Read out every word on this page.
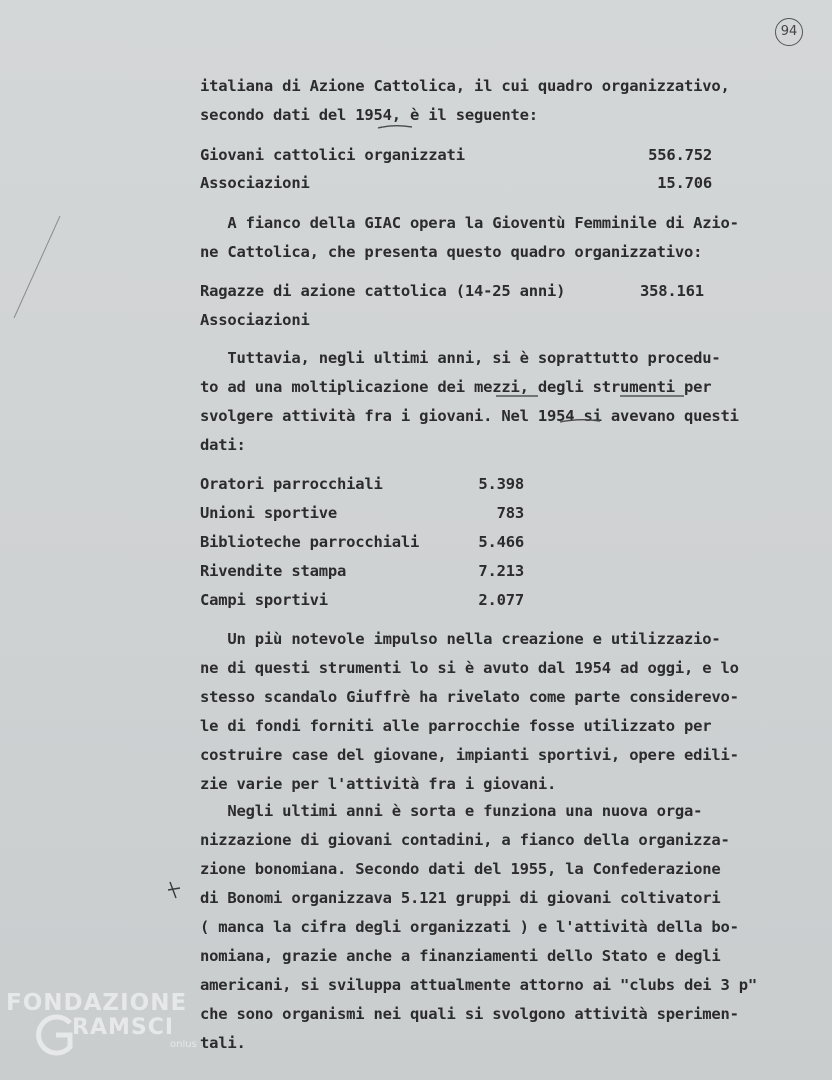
94
italiana di Azione Cattolica, il cui quadro organizzativo,
secondo dati del 1954, è il seguente:
Giovani cattolici organizzati	556.752
Associazioni	15.706
A fianco della GIAC opera la Gioventù Femminile di Azio-
ne Cattolica, che presenta questo quadro organizzativo:
Ragazze di azione cattolica (14-25 anni)	358.161
Associazioni
Tuttavia, negli ultimi anni, si è soprattutto procedu-
to ad una moltiplicazione dei mezzi, degli strumenti per
svolgere attività fra i giovani. Nel 1954 si avevano questi
dati:
Oratori parrocchiali	5.398
Unioni sportive	783
Biblioteche parrocchiali	5.466
Rivendite stampa	7.213
Campi sportivi	2.077
Un più notevole impulso nella creazione e utilizzazio-
ne di questi strumenti lo si è avuto dal 1954 ad oggi, e lo
stesso scandalo Giuffrè ha rivelato come parte considerevo-
le di fondi forniti alle parrocchie fosse utilizzato per
costruire case del giovane, impianti sportivi, opere edili-
zie varie per l'attività fra i giovani.
Negli ultimi anni è sorta e funziona una nuova orga-
nizzazione di giovani contadini, a fianco della organizza-
zione bonomiana. Secondo dati del 1955, la Confederazione
di Bonomi organizzava 5.121 gruppi di giovani coltivatori
( manca la cifra degli organizzati ) e l'attività della bo-
nomiana, grazie anche a finanziamenti dello Stato e degli
americani, si sviluppa attualmente attorno ai "clubs dei 3 p"
che sono organismi nei quali si svolgono attività sperimen-
tali.
FONDAZIONE
RAMSCI
onlus
